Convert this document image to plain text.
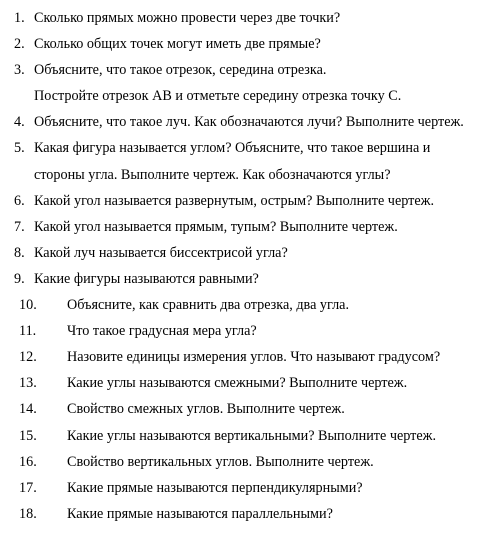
1. Сколько прямых можно провести через две точки?
2. Сколько общих точек могут иметь две прямые?
3. Объясните, что такое отрезок, середина отрезка.
Постройте отрезок АВ и отметьте середину отрезка точку С.
4. Объясните, что такое луч. Как обозначаются лучи? Выполните чертеж.
5. Какая фигура называется углом? Объясните, что такое вершина и
стороны угла. Выполните чертеж. Как обозначаются углы?
6. Какой угол называется развернутым, острым? Выполните чертеж.
7. Какой угол называется прямым, тупым? Выполните чертеж.
8. Какой луч называется биссектрисой угла?
9. Какие фигуры называются равными?
10. Объясните, как сравнить два отрезка, два угла.
11. Что такое градусная мера угла?
12. Назовите единицы измерения углов. Что называют градусом?
13. Какие углы называются смежными? Выполните чертеж.
14. Свойство смежных углов. Выполните чертеж.
15. Какие углы называются вертикальными? Выполните чертеж.
16. Свойство вертикальных углов. Выполните чертеж.
17. Какие прямые называются перпендикулярными?
18. Какие прямые называются параллельными?
